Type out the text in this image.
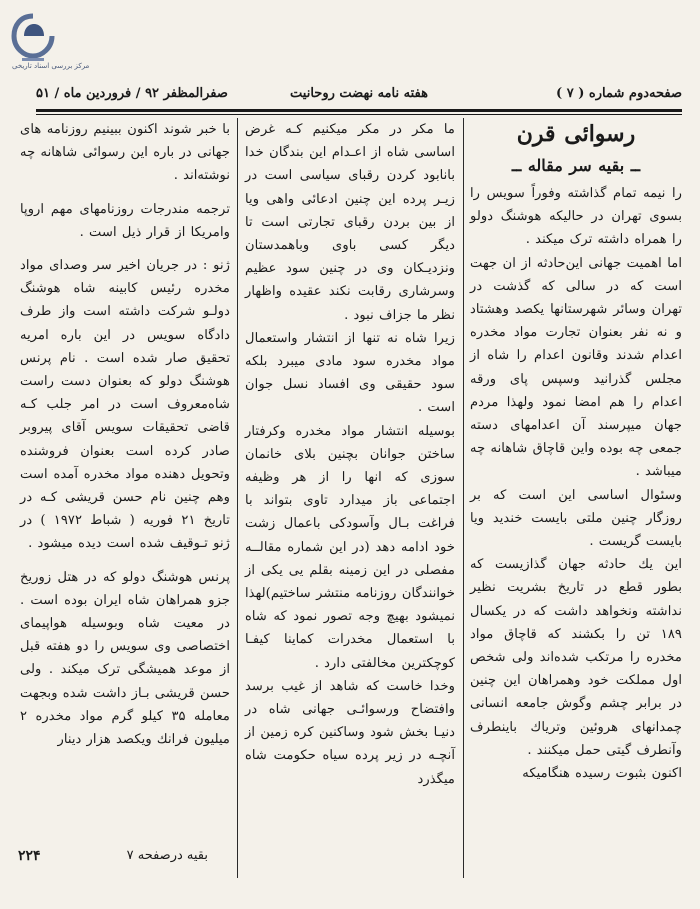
مرکز بررسی اسناد تاریخی
صفحه‌دوم شماره ( ۷ )
هفته نامه نهضت روحانیت
صفرالمظفر ۹۲ / فروردین ماه / ۵۱
رسوائی قرن
ــ بقیه سر مقاله ــ

را نیمه تمام گذاشته وفوراً سویس را بسوی تهران در حالیکه هوشنگ دولو را همراه داشته ترک میکند .

اما اهمیت جهانی این‌حادثه از ان جهت است که در سالی که گذشت در تهران وسائر شهرستانها یکصد وهشتاد و نه نفر بعنوان تجارت مواد مخدره اعدام شدند وقانون اعدام را شاه از مجلس گذرانید وسپس پای ورقه اعدام را هم امضا نمود ولهذا مردم جهان میپرسند آن اعدامهای دسته جمعی چه بوده واین قاچاق شاهانه چه میباشد .

وسئوال اساسی این است که بر روزگار چنین ملتی بایست خندید ویا بایست گریست .

این یك حادثه جهان گذازیست که بطور قطع در تاریخ بشریت نظیر نداشته ونخواهد داشت که در یکسال ۱۸۹ تن را بکشند که قاچاق مواد مخدره را مرتکب شده‌اند ولی شخص اول مملکت خود وهمراهان این چنین در برابر چشم وگوش جامعه انسانی چمدانهای هروئین وتریاك باینطرف وآنطرف گیتی حمل میکنند .

اکنون بثبوت رسیده هنگامیکه

ما مکر در مکر میکنیم کـه غرض اساسی شاه از اعـدام این بندگان خدا بانابود کردن رقبای سیاسی است در زیـر پرده این چنین ادعائی واهی ویا از بین بردن رقبای تجارتی است تا دیگر کسی باوی وباهمدستان ونزدیـکان وی در چنین سود عظیم وسرشاری رقابت نکند عقیده واظهار نظر ما جزاف نبود .

زیرا شاه نه تنها از انتشار واستعمال مواد مخدره سود مادی میبرد بلکه سود حقیقی وی افساد نسل جوان است .

بوسیله انتشار مواد مخدره وکرفتار ساختن جوانان بچنین بلای خانمان سوزی که انها را از هر وظیفه اجتماعی باز میدارد تاوی بتواند با فراغت بـال وآسودکی باعمال زشت خود ادامه دهد (در این شماره مقالــه مفصلی در این زمینه بقلم یی یکی از خوانندگان روزنامه منتشر ساختیم)لهذا نمیشود بهیچ وجه تصور نمود که شاه با استعمال مخدرات کماینا کیفـا کوچکترین مخالفتی دارد .

وخدا خاست که شاهد از غیب برسد وافتضاح ورسوائـی جهانی شاه در دنیـا بخش شود وساکنین کره زمین از آنچـه در زیر پرده سیاه حکومت شاه میگذرد

با خبر شوند اکنون ببینیم روزنامه های جهانی در باره این رسوائی شاهانه چه نوشته‌اند .

ترجمه مندرجات روزنامهای مهم اروپا وامریکا از قرار ذیل است .

ژنو : در جریان اخیر سر وصدای مواد مخدره رئیس کابینه شاه هوشنگ دولـو شرکت داشته است واز طرف دادگاه سویس در این باره امریه تحقیق صار شده است . نام پرنس هوشنگ دولو که بعنوان دست راست شاه‌معروف است در امر جلب کـه قاضی تحقیقات سویس آقای پیروبر صادر کرده است بعنوان فروشنده وتحویل دهنده مواد مخدره آمده است وهم چنین نام حسن قریشی کـه در تاریخ ۲۱ فوریه ( شباط ۱۹۷۲ ) در ژنو تـوقیف شده است دیده میشود .

پرنس هوشنگ دولو که در هتل زوریخ جزو همراهان شاه ایران بوده است . در معیت شاه وبوسیله هواپیمای اختصاصی وی سویس را دو هفته قبل از موعد همیشگی ترک میکند . ولی حسن قریشی بـاز داشت شده وبجهت معامله ۳۵ کیلو گرم مواد مخدره ۲ میلیون فرانك ویکصد هزار دینار

بقیه درصفحه ۷
۲۲۴
